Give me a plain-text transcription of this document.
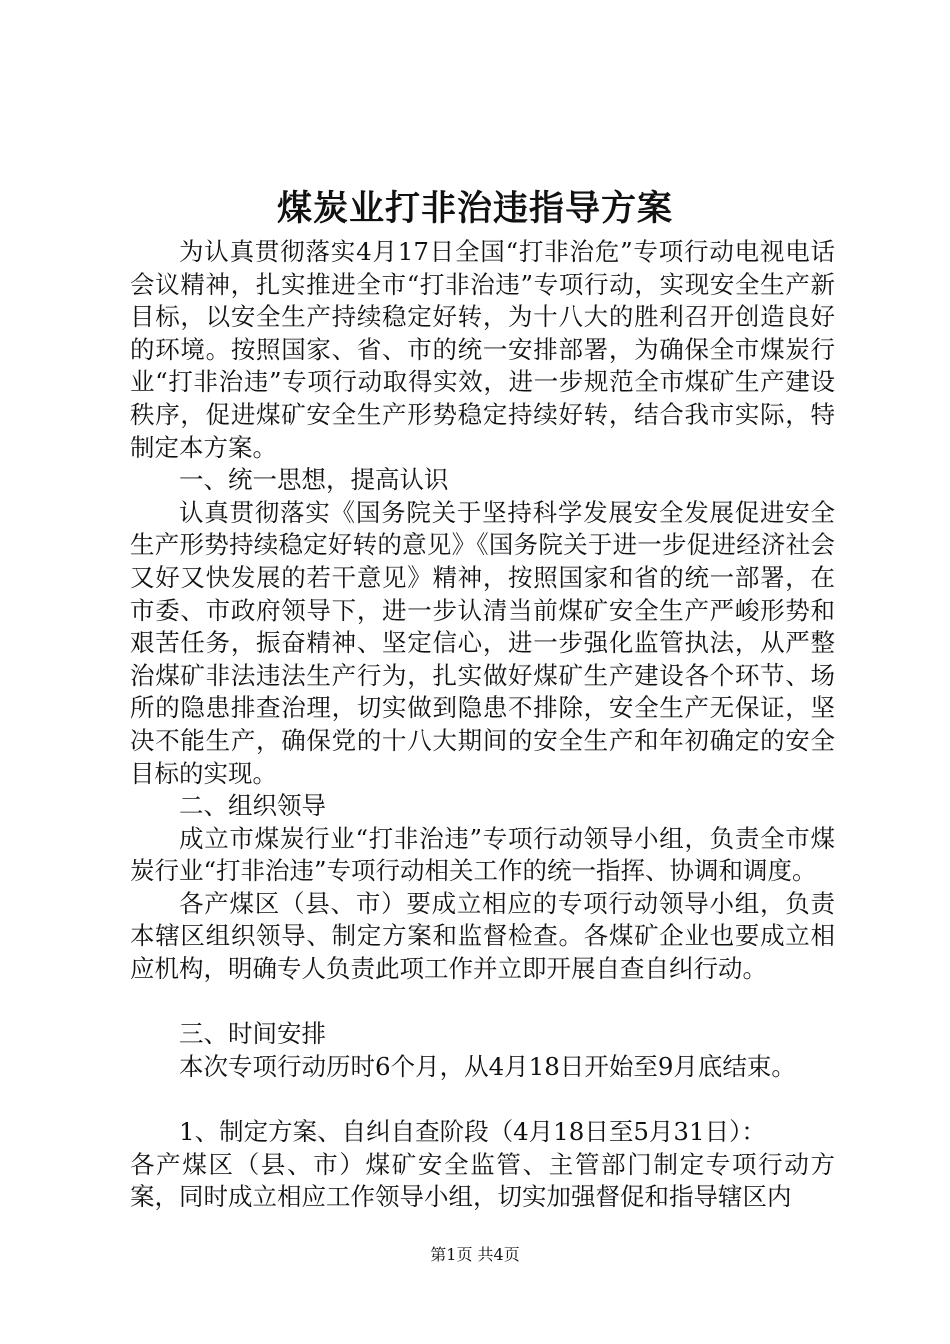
煤炭业打非治违指导方案

为认真贯彻落实4月17日全国“打非治危”专项行动电视电话会议精神，扎实推进全市“打非治违”专项行动，实现安全生产新目标，以安全生产持续稳定好转，为十八大的胜利召开创造良好的环境。按照国家、省、市的统一安排部署，为确保全市煤炭行业“打非治违”专项行动取得实效，进一步规范全市煤矿生产建设秩序，促进煤矿安全生产形势稳定持续好转，结合我市实际，特制定本方案。

一、统一思想，提高认识

认真贯彻落实《国务院关于坚持科学发展安全发展促进安全生产形势持续稳定好转的意见》《国务院关于进一步促进经济社会又好又快发展的若干意见》精神，按照国家和省的统一部署，在市委、市政府领导下，进一步认清当前煤矿安全生产严峻形势和艰苦任务，振奋精神、坚定信心，进一步强化监管执法，从严整治煤矿非法违法生产行为，扎实做好煤矿生产建设各个环节、场所的隐患排查治理，切实做到隐患不排除，安全生产无保证，坚决不能生产，确保党的十八大期间的安全生产和年初确定的安全目标的实现。

二、组织领导

成立市煤炭行业“打非治违”专项行动领导小组，负责全市煤炭行业“打非治违”专项行动相关工作的统一指挥、协调和调度。

各产煤区（县、市）要成立相应的专项行动领导小组，负责本辖区组织领导、制定方案和监督检查。各煤矿企业也要成立相应机构，明确专人负责此项工作并立即开展自查自纠行动。

三、时间安排

本次专项行动历时6个月，从4月18日开始至9月底结束。

1、制定方案、自纠自查阶段（4月18日至5月31日）：

各产煤区（县、市）煤矿安全监管、主管部门制定专项行动方案，同时成立相应工作领导小组，切实加强督促和指导辖区内

第1页 共4页
